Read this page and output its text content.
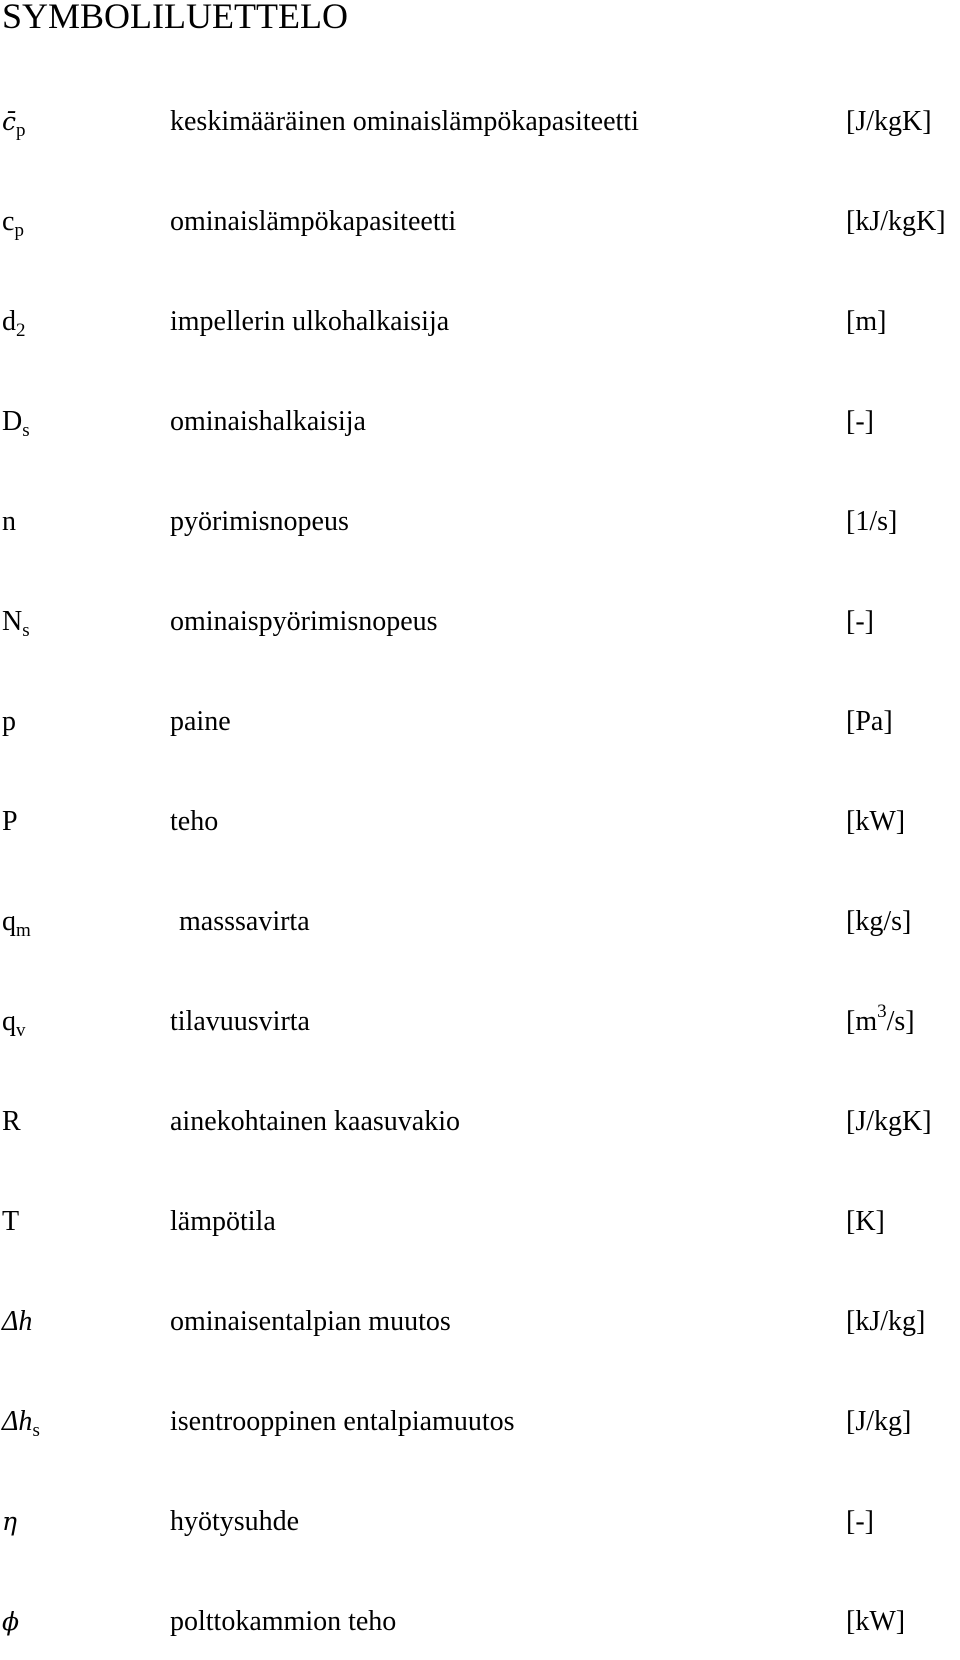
SYMBOLILUETTELO
$c̄_p$	keskimääräinen ominaislämpökapasiteetti	[J/kgK]
$c_p$	ominaislämpökapasiteetti	[kJ/kgK]
$d_2$	impellerin ulkohalkaisija	[m]
$D_s$	ominaishalkaisija	[-]
n	pyörimisnopeus	[1/s]
$N_s$	ominaispyörimisnopeus	[-]
p	paine	[Pa]
P	teho	[kW]
$q_m$	masssavirta	[kg/s]
$q_v$	tilavuusvirta	$[m^3/s]$
R	ainekohtainen kaasuvakio	[J/kgK]
T	lämpötila	[K]
Δh	ominaisentalpian muutos	[kJ/kg]
$\Delta h_s$	isentrooppinen entalpiamuutos	[J/kg]
η	hyötysuhde	[-]
ϕ	polttokammion teho	[kW]
